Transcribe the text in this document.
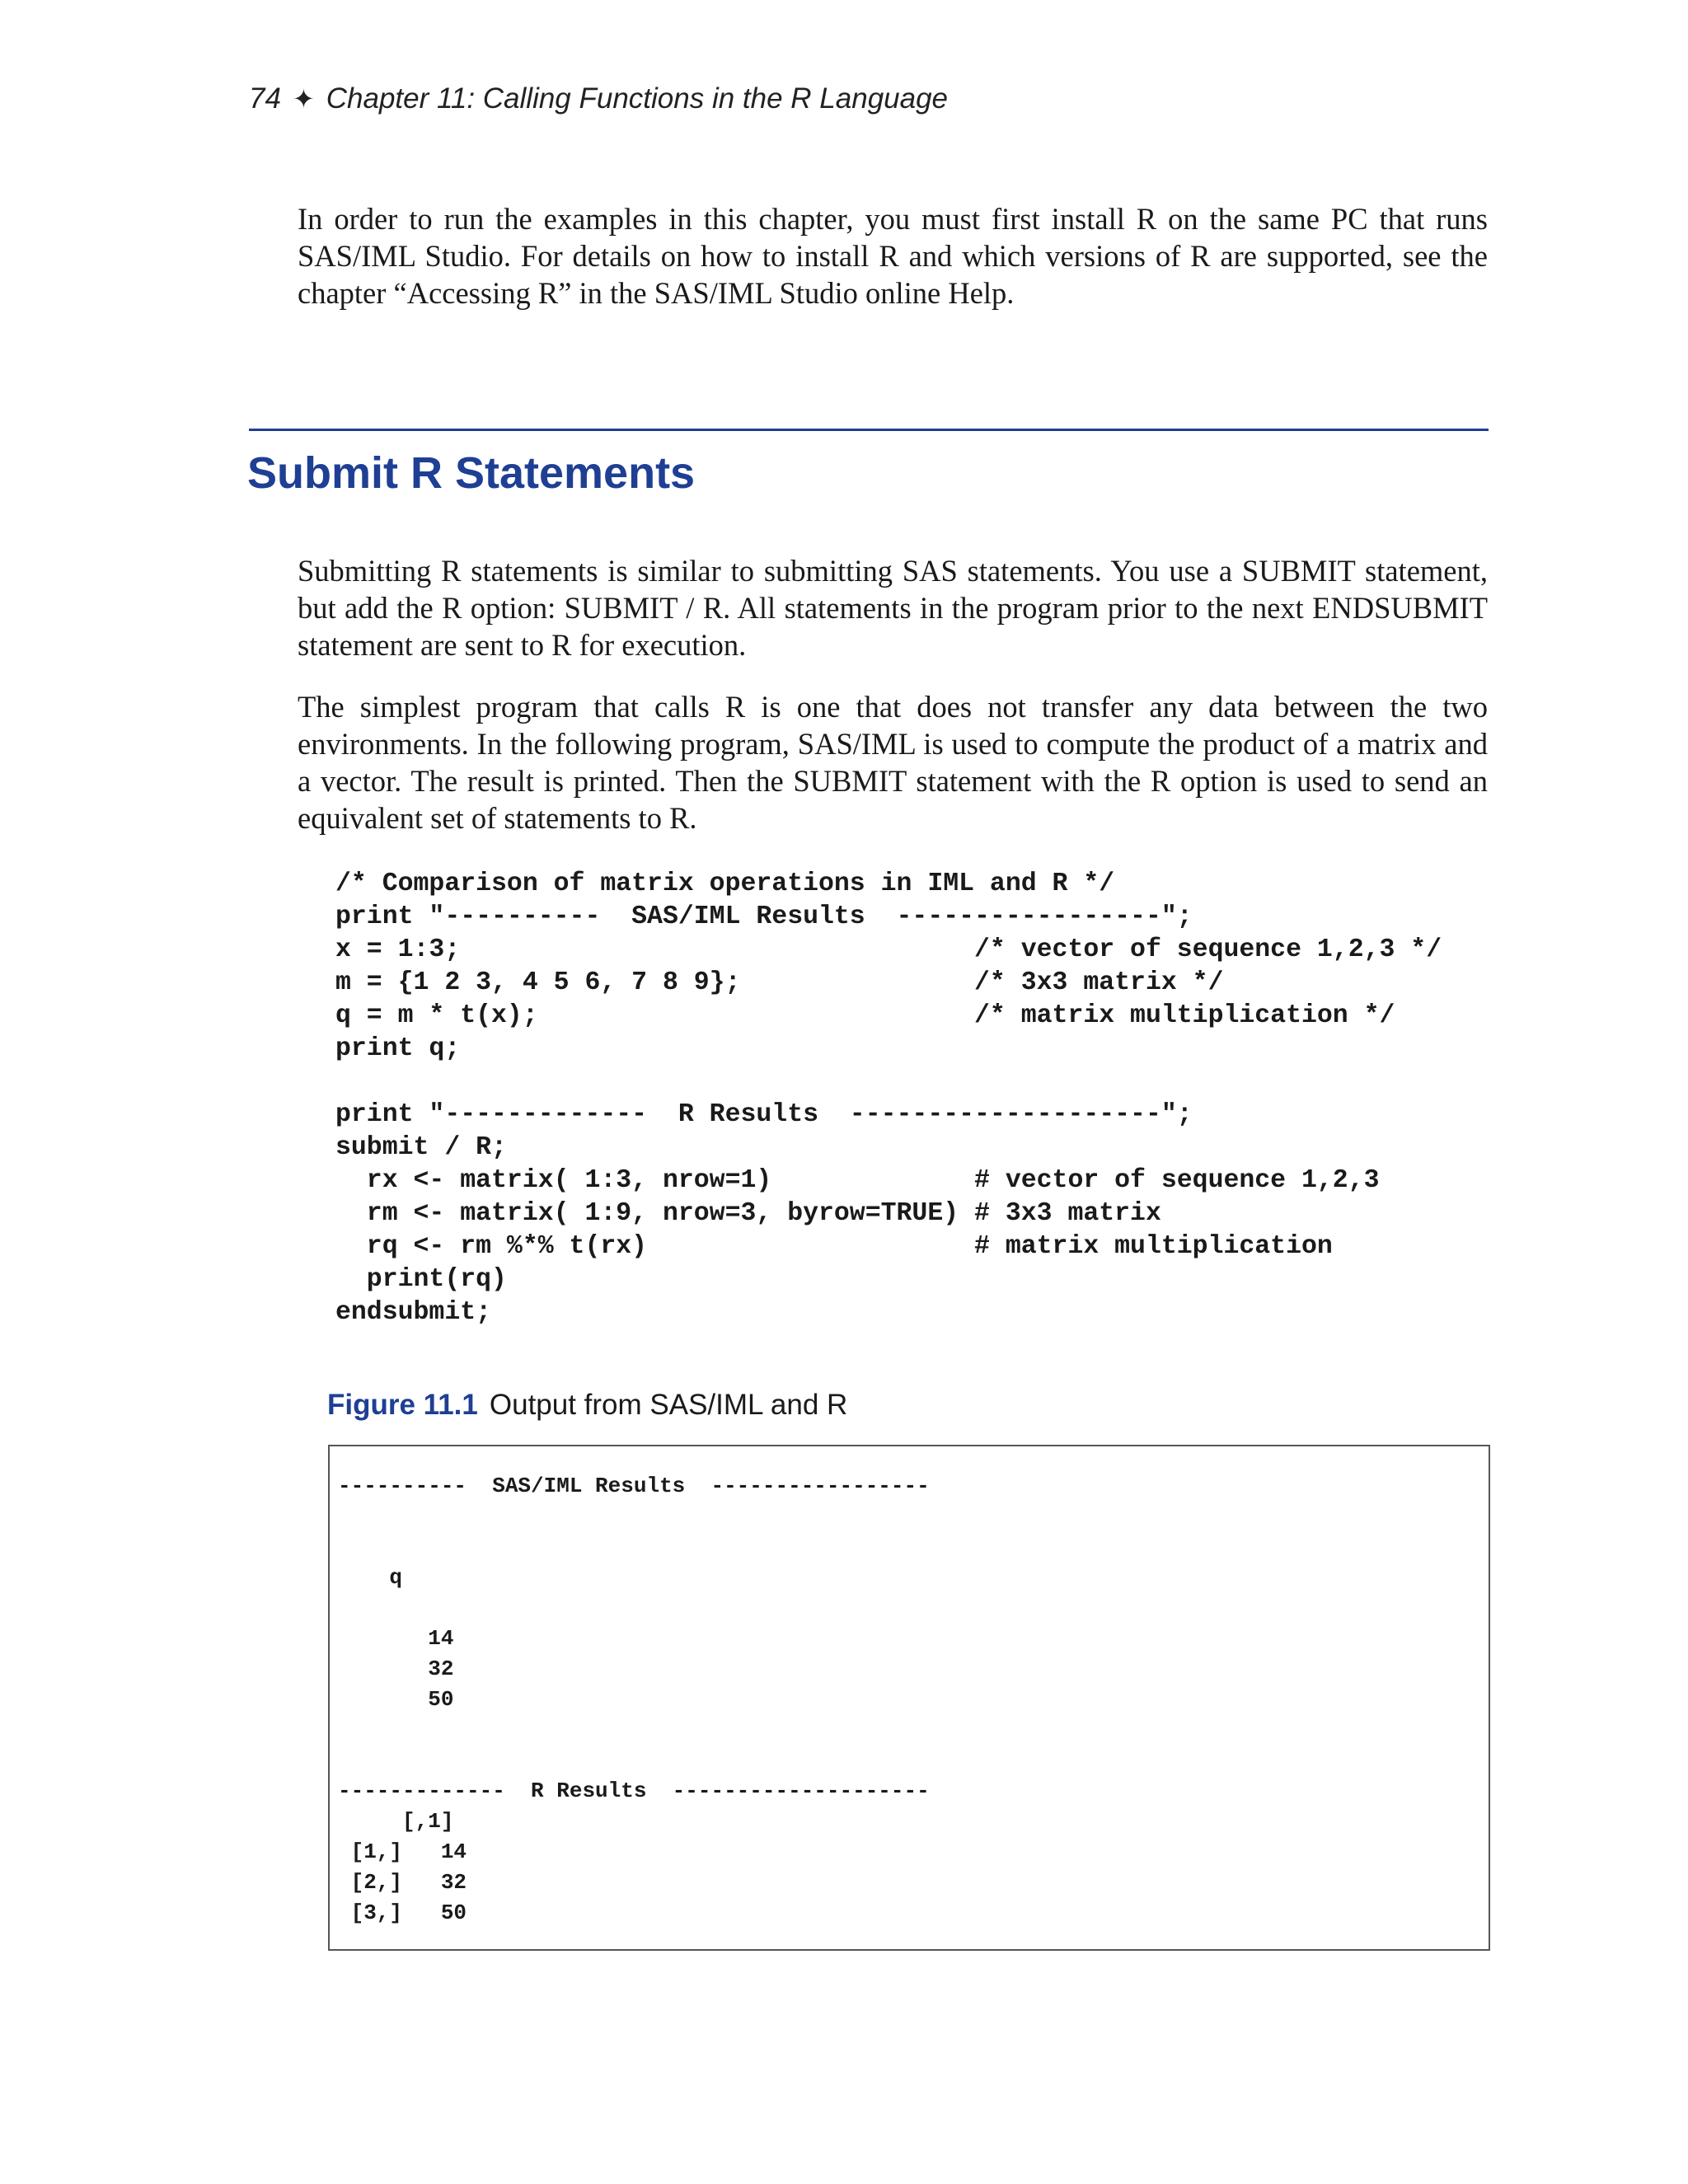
74 ✦ Chapter 11: Calling Functions in the R Language

In order to run the examples in this chapter, you must first install R on the same PC that runs SAS/IML Studio. For details on how to install R and which versions of R are supported, see the chapter “Accessing R” in the SAS/IML Studio online Help.

Submit R Statements

Submitting R statements is similar to submitting SAS statements. You use a SUBMIT statement, but add the R option: SUBMIT / R. All statements in the program prior to the next ENDSUBMIT statement are sent to R for execution.

The simplest program that calls R is one that does not transfer any data between the two environments. In the following program, SAS/IML is used to compute the product of a matrix and a vector. The result is printed. Then the SUBMIT statement with the R option is used to send an equivalent set of statements to R.

/* Comparison of matrix operations in IML and R */
print "----------  SAS/IML Results  -----------------";
x = 1:3;                                 /* vector of sequence 1,2,3 */
m = {1 2 3, 4 5 6, 7 8 9};               /* 3x3 matrix */
q = m * t(x);                            /* matrix multiplication */
print q;

print "-------------  R Results  --------------------";
submit / R;
rx <- matrix( 1:3, nrow=1)             # vector of sequence 1,2,3
rm <- matrix( 1:9, nrow=3, byrow=TRUE) # 3x3 matrix
rq <- rm %*% t(rx)                     # matrix multiplication
print(rq)
endsubmit;
Figure 11.1 Output from SAS/IML and R
----------  SAS/IML Results  -----------------

q

14
32
50

-------------  R Results  --------------------
[,1]
[1,]   14
[2,]   32
[3,]   50
